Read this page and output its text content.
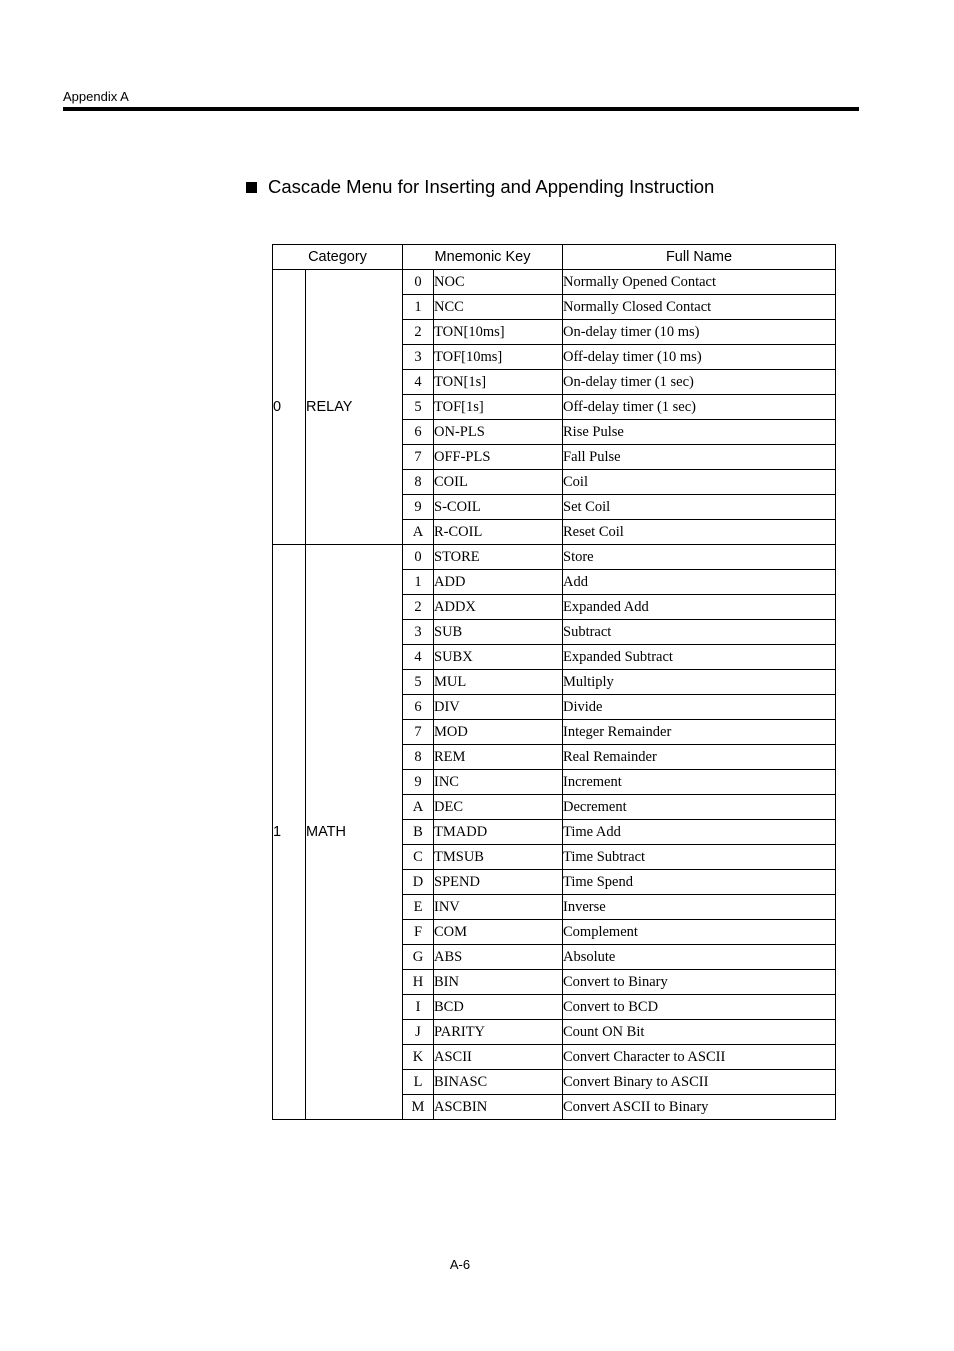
Appendix A
Cascade Menu for Inserting and Appending Instruction
Category		Mnemonic Key		Full Name
0	RELAY	0	NOC	Normally Opened Contact
		1	NCC	Normally Closed Contact
		2	TON[10ms]	On-delay timer (10 ms)
		3	TOF[10ms]	Off-delay timer (10 ms)
		4	TON[1s]	On-delay timer (1 sec)
		5	TOF[1s]	Off-delay timer (1 sec)
		6	ON-PLS	Rise Pulse
		7	OFF-PLS	Fall Pulse
		8	COIL	Coil
		9	S-COIL	Set Coil
		A	R-COIL	Reset Coil
1	MATH	0	STORE	Store
		1	ADD	Add
		2	ADDX	Expanded Add
		3	SUB	Subtract
		4	SUBX	Expanded Subtract
		5	MUL	Multiply
		6	DIV	Divide
		7	MOD	Integer Remainder
		8	REM	Real Remainder
		9	INC	Increment
		A	DEC	Decrement
		B	TMADD	Time Add
		C	TMSUB	Time Subtract
		D	SPEND	Time Spend
		E	INV	Inverse
		F	COM	Complement
		G	ABS	Absolute
		H	BIN	Convert to Binary
		I	BCD	Convert to BCD
		J	PARITY	Count ON Bit
		K	ASCII	Convert Character to ASCII
		L	BINASC	Convert Binary to ASCII
		M	ASCBIN	Convert ASCII to Binary
A-6
